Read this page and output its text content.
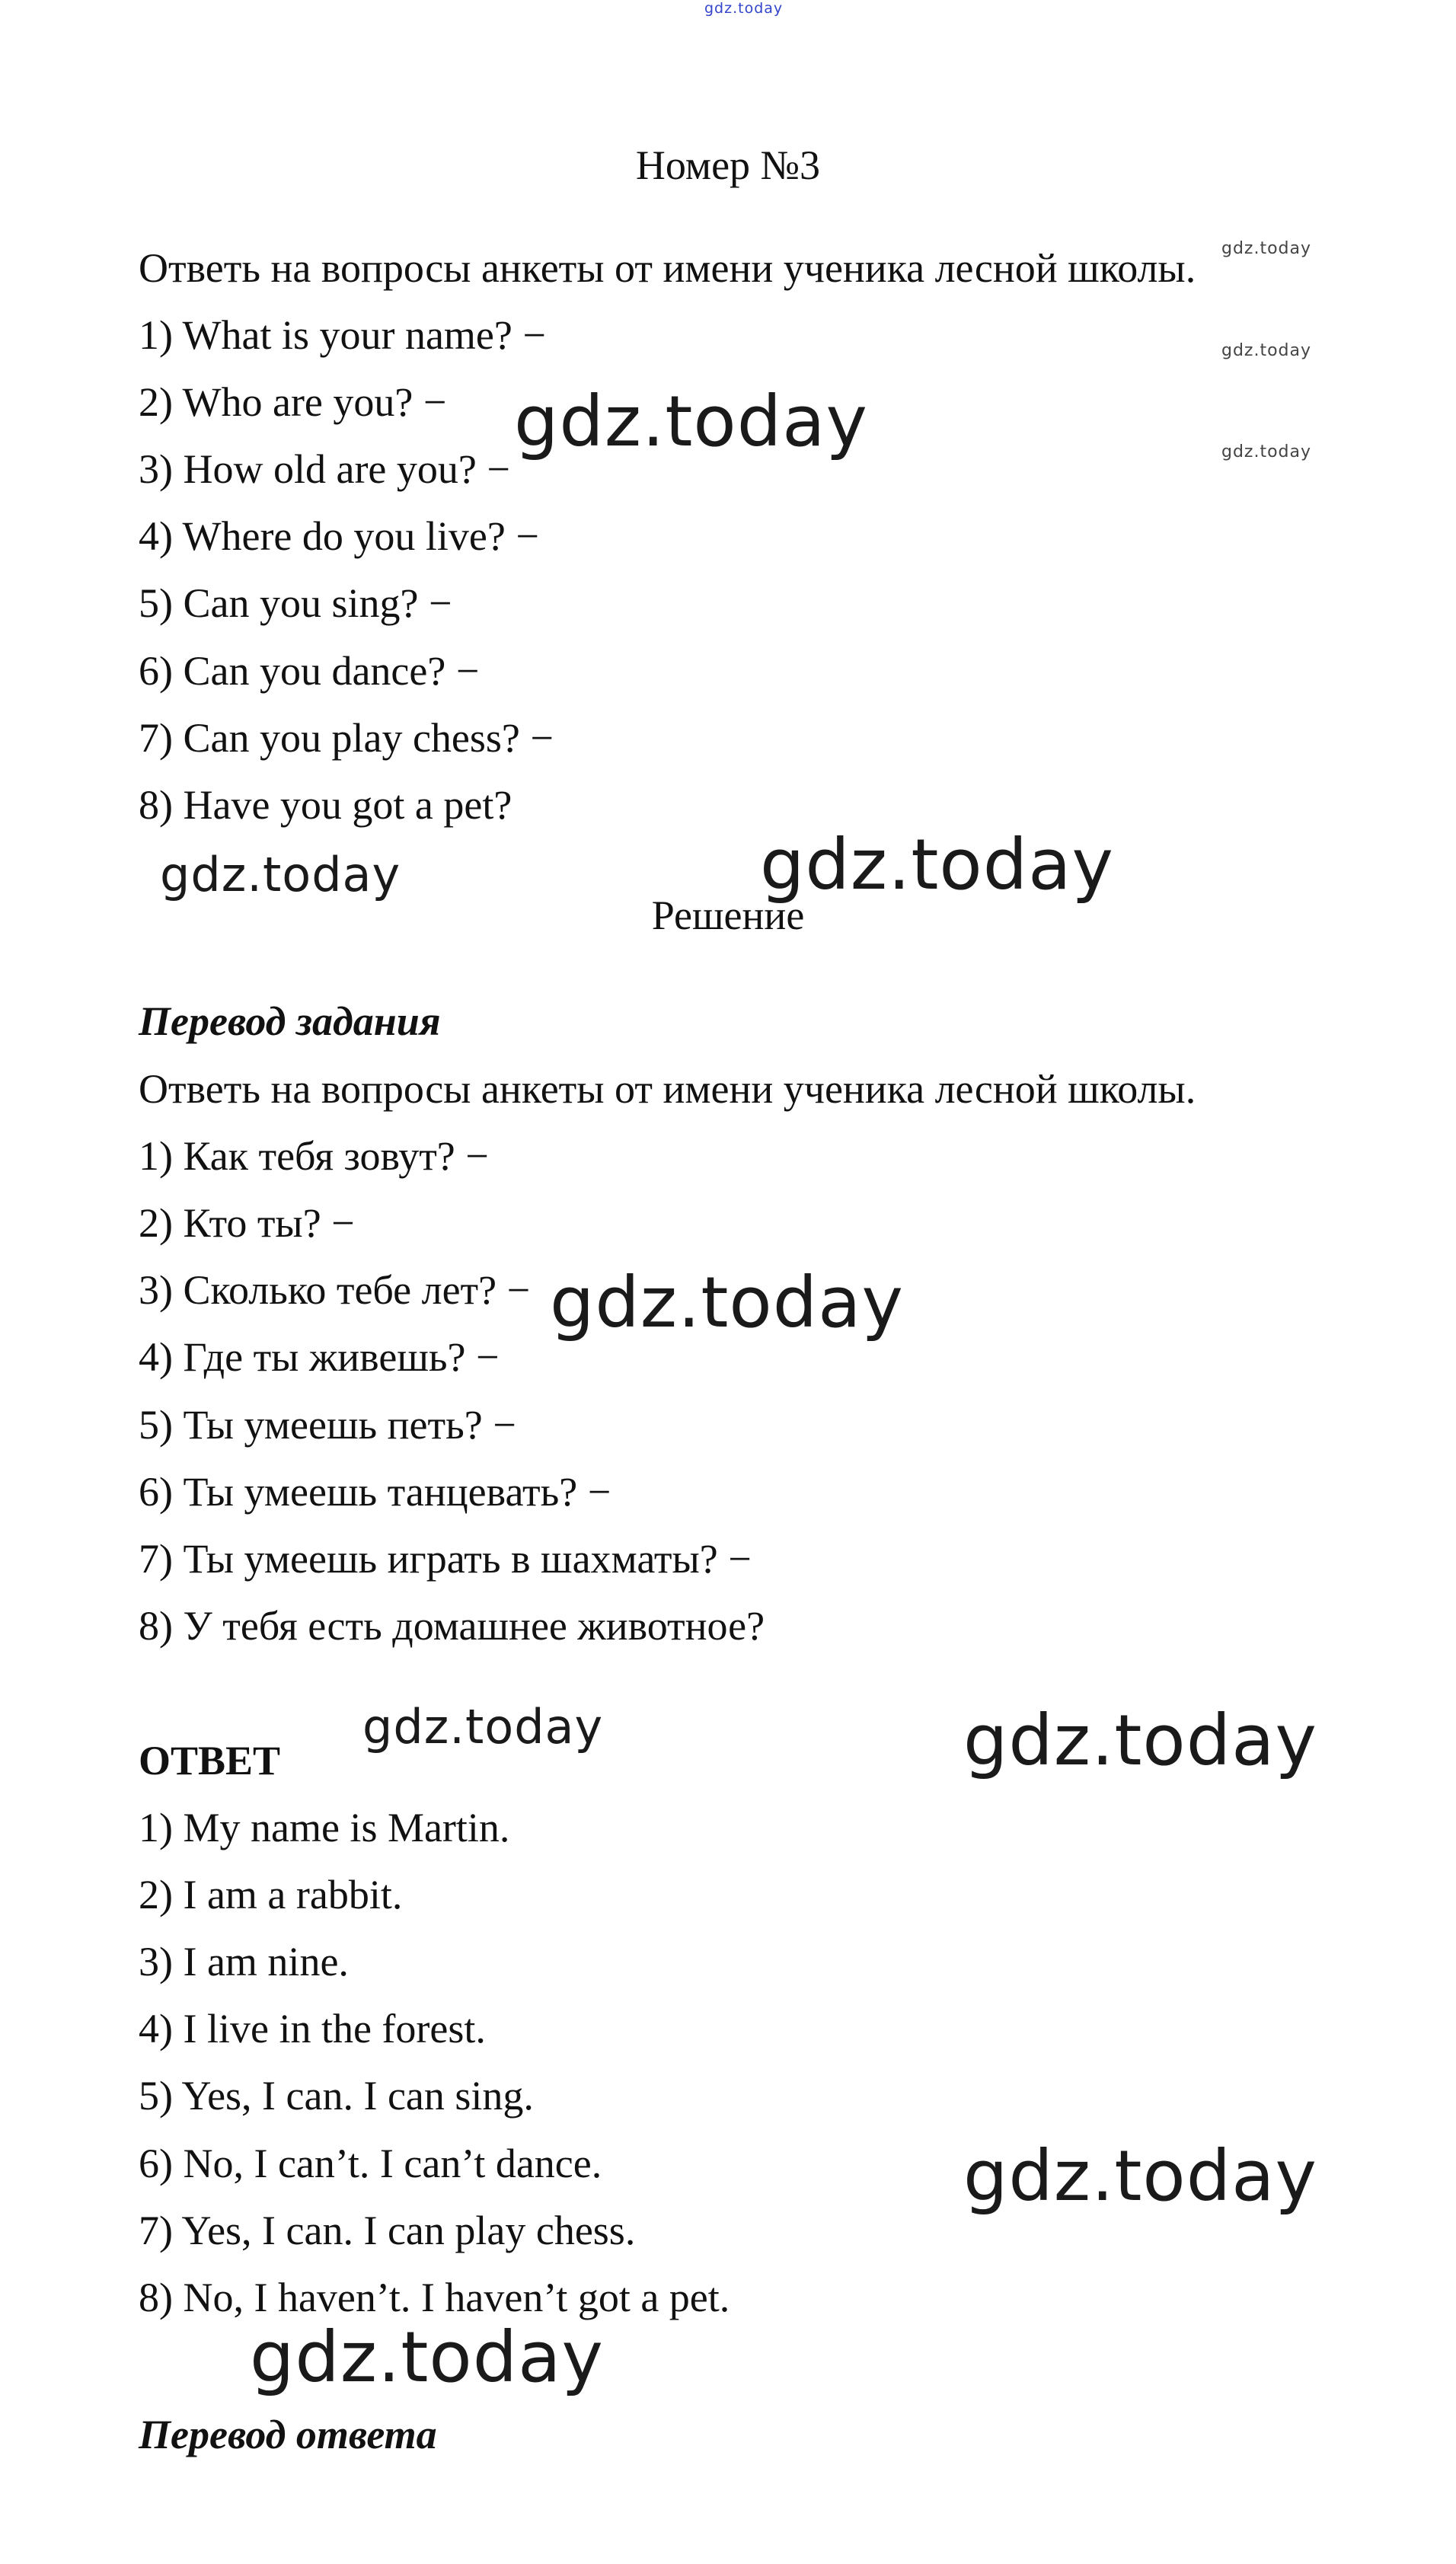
gdz.today
gdz.today
gdz.today
gdz.today
gdz.today
gdz.today	gdz.today
gdz.today
gdz.today	gdz.today
gdz.today
gdz.today
Номер №3
Ответь на вопросы анкеты от имени ученика лесной школы.
1) What is your name? −
2) Who are you? −
3) How old are you? −
4) Where do you live? −
5) Can you sing? −
6) Can you dance? −
7) Can you play chess? −
8) Have you got a pet?
Решение
Перевод задания
Ответь на вопросы анкеты от имени ученика лесной школы.
1) Как тебя зовут? −
2) Кто ты? −
3) Сколько тебе лет? −
4) Где ты живешь? −
5) Ты умеешь петь? −
6) Ты умеешь танцевать? −
7) Ты умеешь играть в шахматы? −
8) У тебя есть домашнее животное?
ОТВЕТ
1) My name is Martin.
2) I am a rabbit.
3) I am nine.
4) I live in the forest.
5) Yes, I can. I can sing.
6) No, I can’t. I can’t dance.
7) Yes, I can. I can play chess.
8) No, I haven’t. I haven’t got a pet.
Перевод ответа
